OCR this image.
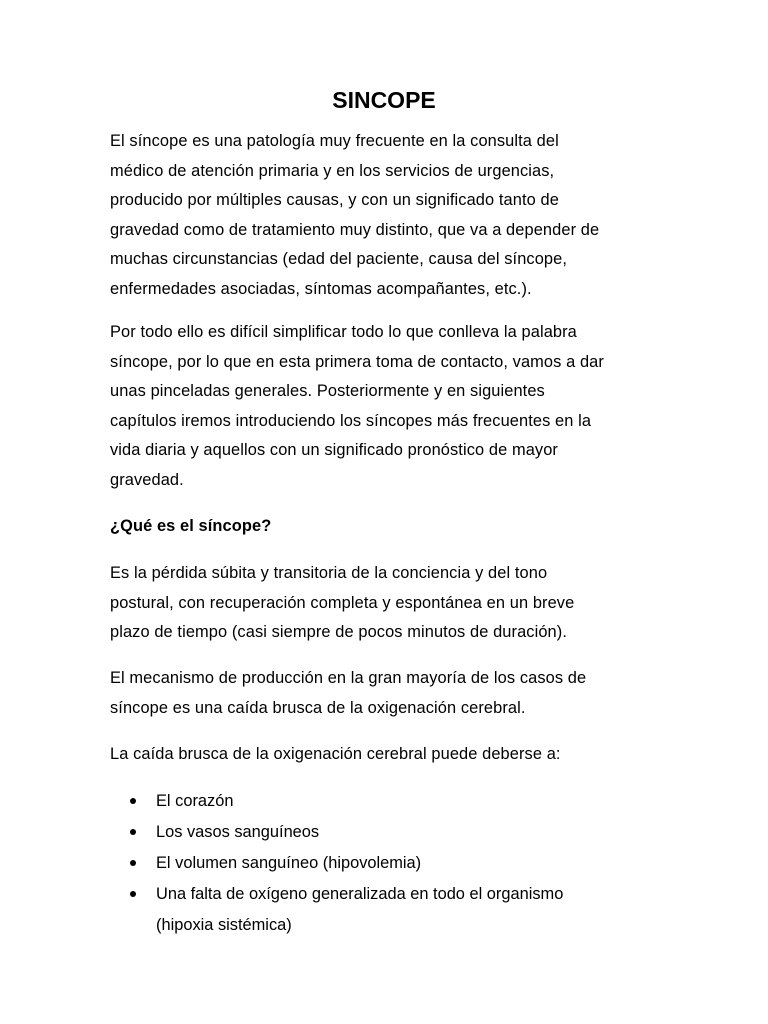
SINCOPE

El síncope es una patología muy frecuente en la consulta del
médico de atención primaria y en los servicios de urgencias,
producido por múltiples causas, y con un significado tanto de
gravedad como de tratamiento muy distinto, que va a depender de
muchas circunstancias (edad del paciente, causa del síncope,
enfermedades asociadas, síntomas acompañantes, etc.).

Por todo ello es difícil simplificar todo lo que conlleva la palabra
síncope, por lo que en esta primera toma de contacto, vamos a dar
unas pinceladas generales. Posteriormente y en siguientes
capítulos iremos introduciendo los síncopes más frecuentes en la
vida diaria y aquellos con un significado pronóstico de mayor
gravedad.

¿Qué es el síncope?

Es la pérdida súbita y transitoria de la conciencia y del tono
postural, con recuperación completa y espontánea en un breve
plazo de tiempo (casi siempre de pocos minutos de duración).

El mecanismo de producción en la gran mayoría de los casos de
síncope es una caída brusca de la oxigenación cerebral.

La caída brusca de la oxigenación cerebral puede deberse a:

El corazón
Los vasos sanguíneos
El volumen sanguíneo (hipovolemia)
Una falta de oxígeno generalizada en todo el organismo
(hipoxia sistémica)
